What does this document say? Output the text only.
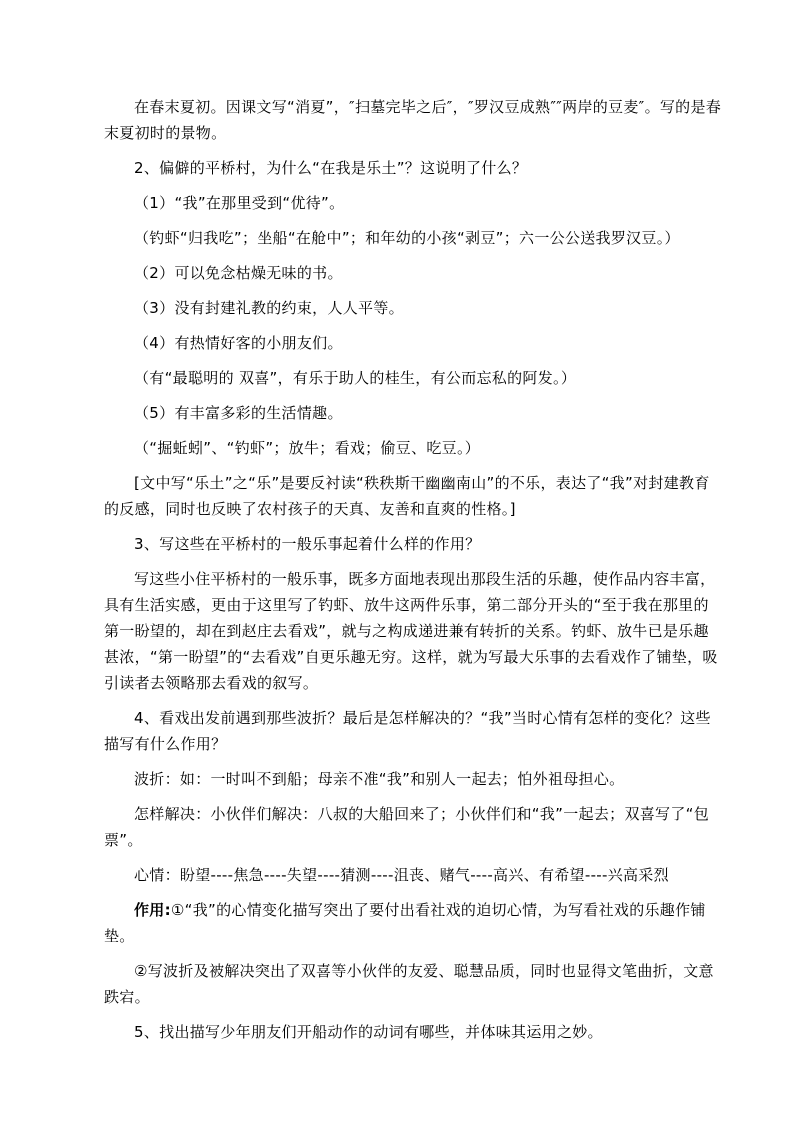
在春末夏初。因课文写“消夏”，″扫墓完毕之后″，″罗汉豆成熟″″两岸的豆麦″。写的是春末夏初时的景物。

2、偏僻的平桥村，为什么“在我是乐土”？这说明了什么？

（1）“我”在那里受到“优待”。

（钓虾“归我吃”；坐船“在舱中”；和年幼的小孩“剥豆”；六一公公送我罗汉豆。）

（2）可以免念枯燥无味的书。

（3）没有封建礼教的约束，人人平等。

（4）有热情好客的小朋友们。

（有“最聪明的 双喜”，有乐于助人的桂生，有公而忘私的阿发。）

（5）有丰富多彩的生活情趣。

（“掘蚯蚓”、“钓虾”；放牛；看戏；偷豆、吃豆。）

[文中写“乐土”之“乐”是要反衬读“秩秩斯干幽幽南山”的不乐，表达了“我”对封建教育的反感，同时也反映了农村孩子的天真、友善和直爽的性格。]

3、写这些在平桥村的一般乐事起着什么样的作用？

写这些小住平桥村的一般乐事，既多方面地表现出那段生活的乐趣，使作品内容丰富，具有生活实感，更由于这里写了钓虾、放牛这两件乐事，第二部分开头的“至于我在那里的第一盼望的，却在到赵庄去看戏”，就与之构成递进兼有转折的关系。钓虾、放牛已是乐趣甚浓，“第一盼望”的“去看戏”自更乐趣无穷。这样，就为写最大乐事的去看戏作了铺垫，吸引读者去领略那去看戏的叙写。

4、看戏出发前遇到那些波折？最后是怎样解决的？“我”当时心情有怎样的变化？这些描写有什么作用？

波折：如：一时叫不到船；母亲不准“我”和别人一起去；怕外祖母担心。

怎样解决：小伙伴们解决：八叔的大船回来了；小伙伴们和“我”一起去；双喜写了“包票”。

心情：盼望----焦急----失望----猜测----沮丧、赌气----高兴、有希望----兴高采烈

作用:①“我”的心情变化描写突出了要付出看社戏的迫切心情，为写看社戏的乐趣作铺垫。

②写波折及被解决突出了双喜等小伙伴的友爱、聪慧品质，同时也显得文笔曲折，文意跌宕。

5、找出描写少年朋友们开船动作的动词有哪些，并体味其运用之妙。
